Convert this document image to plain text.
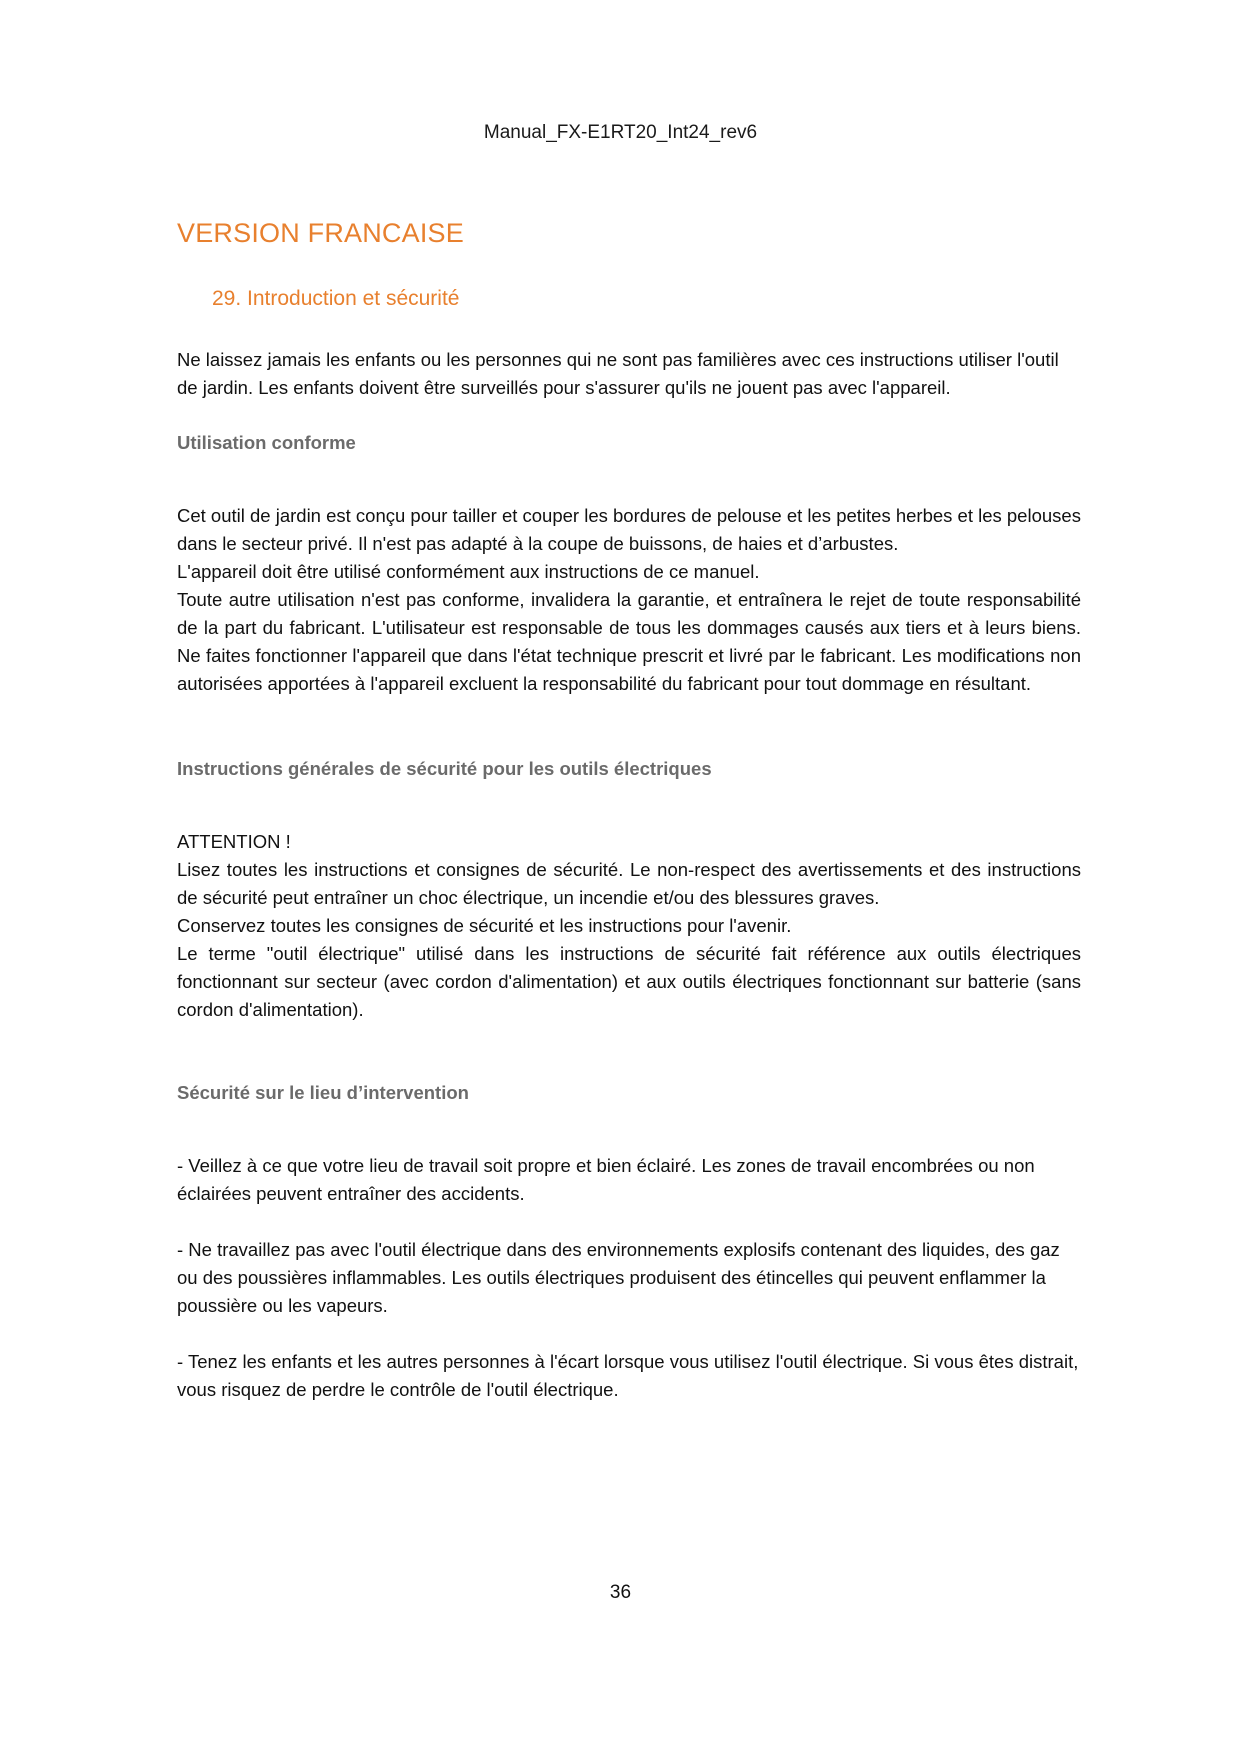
Manual_FX-E1RT20_Int24_rev6
VERSION FRANCAISE
29. Introduction et sécurité

Ne laissez jamais les enfants ou les personnes qui ne sont pas familières avec ces instructions utiliser l'outil de jardin. Les enfants doivent être surveillés pour s'assurer qu'ils ne jouent pas avec l'appareil.

Utilisation conforme

Cet outil de jardin est conçu pour tailler et couper les bordures de pelouse et les petites herbes et les pelouses dans le secteur privé. Il n'est pas adapté à la coupe de buissons, de haies et d’arbustes.

L'appareil doit être utilisé conformément aux instructions de ce manuel.

Toute autre utilisation n'est pas conforme, invalidera la garantie, et entraînera le rejet de toute responsabilité de la part du fabricant. L'utilisateur est responsable de tous les dommages causés aux tiers et à leurs biens. Ne faites fonctionner l'appareil que dans l'état technique prescrit et livré par le fabricant. Les modifications non autorisées apportées à l'appareil excluent la responsabilité du fabricant pour tout dommage en résultant.

Instructions générales de sécurité pour les outils électriques

ATTENTION !

Lisez toutes les instructions et consignes de sécurité. Le non-respect des avertissements et des instructions de sécurité peut entraîner un choc électrique, un incendie et/ou des blessures graves.

Conservez toutes les consignes de sécurité et les instructions pour l'avenir.

Le terme "outil électrique" utilisé dans les instructions de sécurité fait référence aux outils électriques fonctionnant sur secteur (avec cordon d'alimentation) et aux outils électriques fonctionnant sur batterie (sans cordon d'alimentation).

Sécurité sur le lieu d’intervention

- Veillez à ce que votre lieu de travail soit propre et bien éclairé. Les zones de travail encombrées ou non éclairées peuvent entraîner des accidents.

- Ne travaillez pas avec l'outil électrique dans des environnements explosifs contenant des liquides, des gaz ou des poussières inflammables. Les outils électriques produisent des étincelles qui peuvent enflammer la poussière ou les vapeurs.

- Tenez les enfants et les autres personnes à l'écart lorsque vous utilisez l'outil électrique. Si vous êtes distrait, vous risquez de perdre le contrôle de l'outil électrique.

36
